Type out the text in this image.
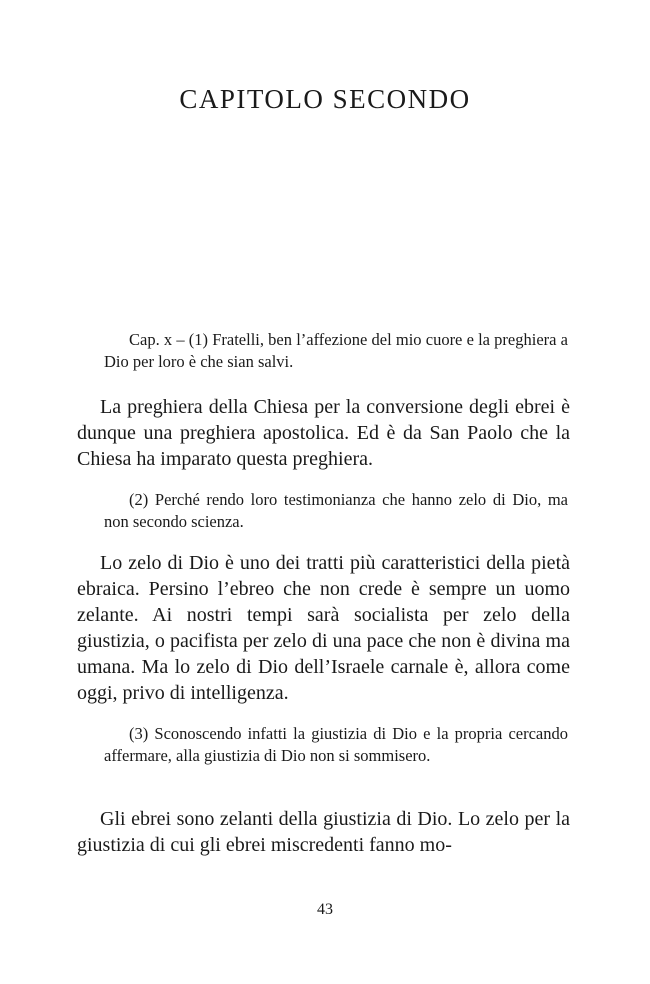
CAPITOLO SECONDO

Cap. x – (1) Fratelli, ben l’affezione del mio cuore e la preghiera a Dio per loro è che sian salvi.

La preghiera della Chiesa per la conversione degli ebrei è dunque una preghiera apostolica. Ed è da San Paolo che la Chiesa ha imparato questa preghiera.

(2) Perché rendo loro testimonianza che hanno zelo di Dio, ma non secondo scienza.

Lo zelo di Dio è uno dei tratti più caratteristici della pietà ebraica. Persino l’ebreo che non crede è sempre un uomo zelante. Ai nostri tempi sarà socialista per zelo della giustizia, o pacifista per zelo di una pace che non è divina ma umana. Ma lo zelo di Dio dell’Israele carnale è, allora come oggi, privo di intelligenza.

(3) Sconoscendo infatti la giustizia di Dio e la propria cercando affermare, alla giustizia di Dio non si sommisero.

Gli ebrei sono zelanti della giustizia di Dio. Lo zelo per la giustizia di cui gli ebrei miscredenti fanno mo-

43
